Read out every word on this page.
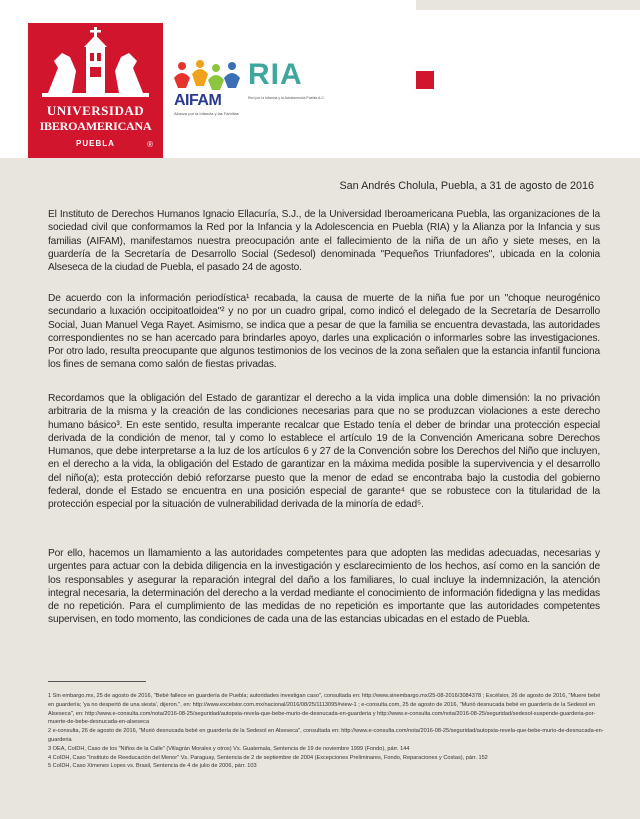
UNIVERSIDAD
IBEROAMERICANA
PUEBLA	®
AIFAM
Alianza por la Infancia y las Familias
RIA
Red por la Infancia y la Adolescencia Puebla A.C.
San Andrés Cholula, Puebla, a 31 de agosto de 2016

El Instituto de Derechos Humanos Ignacio Ellacuría, S.J., de la Universidad Iberoamericana Puebla, las organizaciones de la sociedad civil que conformamos la Red por la Infancia y la Adolescencia en Puebla (RIA) y la Alianza por la Infancia y sus familias (AIFAM), manifestamos nuestra preocupación ante el fallecimiento de la niña de un año y siete meses, en la guardería de la Secretaría de Desarrollo Social (Sedesol) denominada "Pequeños Triunfadores", ubicada en la colonia Alseseca de la ciudad de Puebla, el pasado 24 de agosto.

De acuerdo con la información periodística¹ recabada, la causa de muerte de la niña fue por un "choque neurogénico secundario a luxación occipitoatloidea"² y no por un cuadro gripal, como indicó el delegado de la Secretaría de Desarrollo Social, Juan Manuel Vega Rayet. Asimismo, se indica que a pesar de que la familia se encuentra devastada, las autoridades correspondientes no se han acercado para brindarles apoyo, darles una explicación o informarles sobre las investigaciones. Por otro lado, resulta preocupante que algunos testimonios de los vecinos de la zona señalen que la estancia infantil funciona los fines de semana como salón de fiestas privadas.

Recordamos que la obligación del Estado de garantizar el derecho a la vida implica una doble dimensión: la no privación arbitraria de la misma y la creación de las condiciones necesarias para que no se produzcan violaciones a este derecho humano básico³. En este sentido, resulta imperante recalcar que Estado tenía el deber de brindar una protección especial derivada de la condición de menor, tal y como lo establece el artículo 19 de la Convención Americana sobre Derechos Humanos, que debe interpretarse a la luz de los artículos 6 y 27 de la Convención sobre los Derechos del Niño que incluyen, en el derecho a la vida, la obligación del Estado de garantizar en la máxima medida posible la supervivencia y el desarrollo del niño(a); esta protección debió reforzarse puesto que la menor de edad se encontraba bajo la custodia del gobierno federal, donde el Estado se encuentra en una posición especial de garante⁴ que se robustece con la titularidad de la protección especial por la situación de vulnerabilidad derivada de la minoría de edad⁵.

Por ello, hacemos un llamamiento a las autoridades competentes para que adopten las medidas adecuadas, necesarias y urgentes para actuar con la debida diligencia en la investigación y esclarecimiento de los hechos, así como en la sanción de los responsables y asegurar la reparación integral del daño a los familiares, lo cual incluye la indemnización, la atención integral necesaria, la determinación del derecho a la verdad mediante el conocimiento de información fidedigna y las medidas de no repetición. Para el cumplimiento de las medidas de no repetición es importante que las autoridades competentes supervisen, en todo momento, las condiciones de cada una de las estancias ubicadas en el estado de Puebla.

1 Sin embargo.mx, 25 de agosto de 2016, "Bebé fallece en guardería de Puebla; autoridades investigan caso", consultada en: http://www.sinembargo.mx/25-08-2016/3084378 ; Excélsior, 26 de agosto de 2016, "Muere bebé en guardería; 'ya no despertó de una siesta', dijeron.", en: http://www.excelsior.com.mx/nacional/2016/08/25/1113095#view-1 ; e-consulta.com, 25 de agosto de 2016, "Murió desnucada bebé en guardería de la Sedesol en Alseseca", en: http://www.e-consulta.com/nota/2016-08-25/seguridad/autopsia-revela-que-bebe-murio-de-desnucada-en-guarderia y http://www.e-consulta.com/nota/2016-08-25/seguridad/sedesol-suspende-guarderia-por-muerte-de-bebe-desnucada-en-alseseca
2 e-consulta, 26 de agosto de 2016, "Murió desnucada bebé en guardería de la Sedesol en Alseseca", consultada en: http://www.e-consulta.com/nota/2016-08-25/seguridad/autopsia-revela-que-bebe-murio-de-desnucada-en-guarderia
3 OEA, CoIDH, Caso de los "Niños de la Calle" (Villagrán Morales y otros) Vs. Guatemala, Sentencia de 19 de noviembre 1999 (Fondo), párr. 144
4 CoIDH, Caso "Instituto de Reeducación del Menor" Vs. Paraguay, Sentencia de 2 de septiembre de 2004 (Excepciones Preliminares, Fondo, Reparaciones y Costas), párr. 152
5 CoIDH, Caso Ximenes Lopes vs. Brasil, Sentencia de 4 de julio de 2006, párr. 103
